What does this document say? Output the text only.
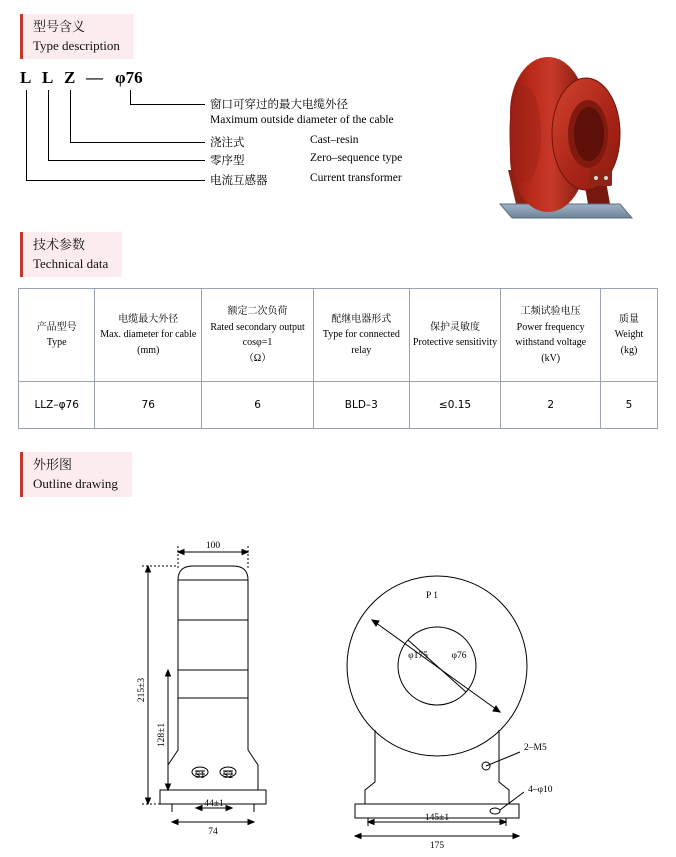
型号含义
Type description
L L Z — φ76
窗口可穿过的最大电缆外径
Maximum outside diameter of the cable
浇注式	Cast–resin
零序型	Zero–sequence type
电流互感器	Current transformer
技术参数
Technical data
产品型号
Type

电缆最大外径
Max. diameter for cable
(mm)

额定二次负荷
Rated secondary output
cosφ=1
（Ω）

配继电器形式
Type for connected
relay

保护灵敏度
Protective sensitivity

工频试验电压
Power frequency
withstand voltage
(kV)

质量
Weight
(kg)

LLZ–φ76	76	6	BLD–3	≤0.15	2	5
外形图
Outline drawing
100
215±3
128±1
S1 S2
44±1
74
P 1
φ175 φ76
2–M5
4–φ10
145±1
175
